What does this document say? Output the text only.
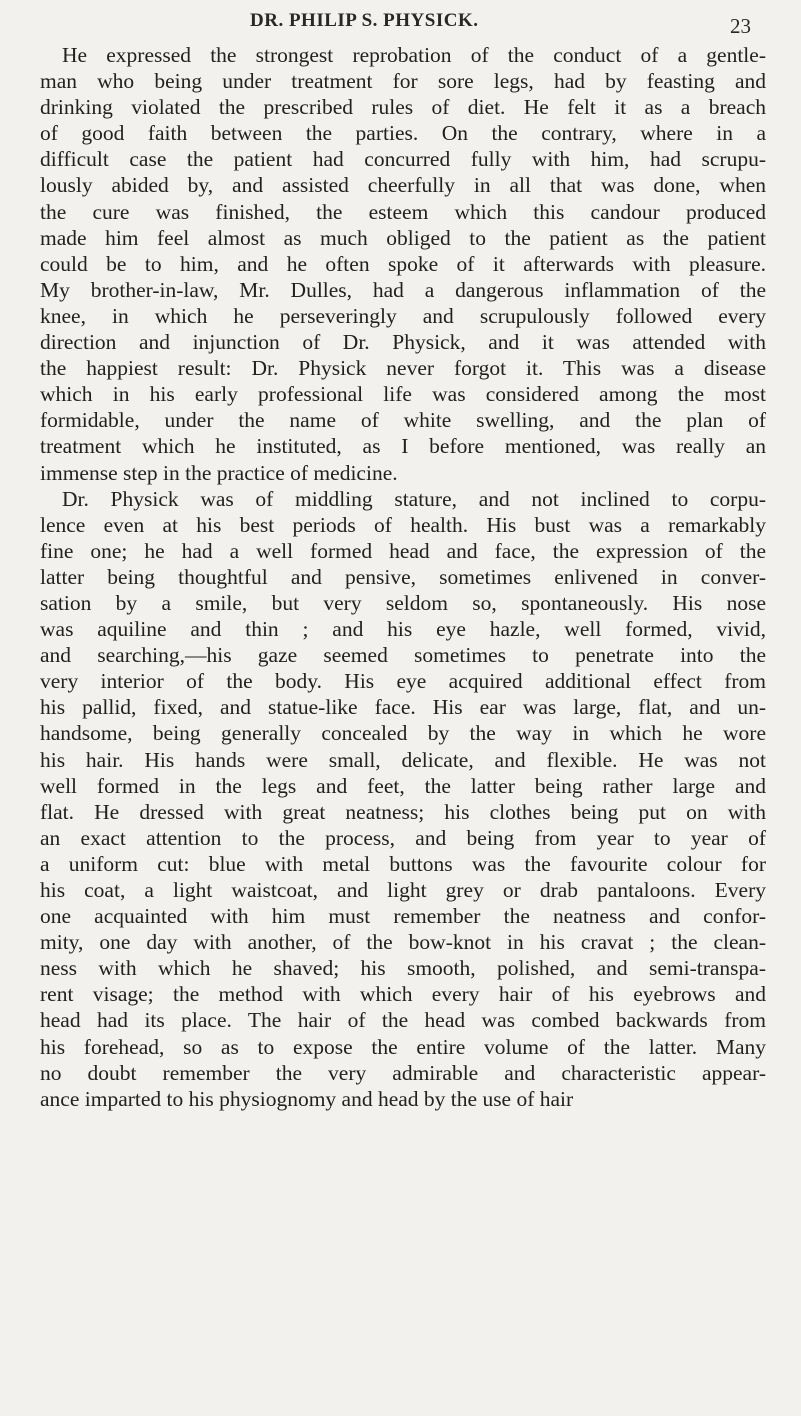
DR. PHILIP S. PHYSICK.	23
He expressed the strongest reprobation of the conduct of a gentle-
man who being under treatment for sore legs, had by feasting and
drinking violated the prescribed rules of diet. He felt it as a breach
of good faith between the parties. On the contrary, where in a
difficult case the patient had concurred fully with him, had scrupu-
lously abided by, and assisted cheerfully in all that was done, when
the cure was finished, the esteem which this candour produced
made him feel almost as much obliged to the patient as the patient
could be to him, and he often spoke of it afterwards with pleasure.
My brother-in-law, Mr. Dulles, had a dangerous inflammation of the
knee, in which he perseveringly and scrupulously followed every
direction and injunction of Dr. Physick, and it was attended with
the happiest result: Dr. Physick never forgot it. This was a disease
which in his early professional life was considered among the most
formidable, under the name of white swelling, and the plan of
treatment which he instituted, as I before mentioned, was really an
immense step in the practice of medicine.
Dr. Physick was of middling stature, and not inclined to corpu-
lence even at his best periods of health. His bust was a remarkably
fine one; he had a well formed head and face, the expression of the
latter being thoughtful and pensive, sometimes enlivened in conver-
sation by a smile, but very seldom so, spontaneously. His nose
was aquiline and thin ; and his eye hazle, well formed, vivid,
and searching,—his gaze seemed sometimes to penetrate into the
very interior of the body. His eye acquired additional effect from
his pallid, fixed, and statue-like face. His ear was large, flat, and un-
handsome, being generally concealed by the way in which he wore
his hair. His hands were small, delicate, and flexible. He was not
well formed in the legs and feet, the latter being rather large and
flat. He dressed with great neatness; his clothes being put on with
an exact attention to the process, and being from year to year of
a uniform cut: blue with metal buttons was the favourite colour for
his coat, a light waistcoat, and light grey or drab pantaloons. Every
one acquainted with him must remember the neatness and confor-
mity, one day with another, of the bow-knot in his cravat ; the clean-
ness with which he shaved; his smooth, polished, and semi-transpa-
rent visage; the method with which every hair of his eyebrows and
head had its place. The hair of the head was combed backwards from
his forehead, so as to expose the entire volume of the latter. Many
no doubt remember the very admirable and characteristic appear-
ance imparted to his physiognomy and head by the use of hair
